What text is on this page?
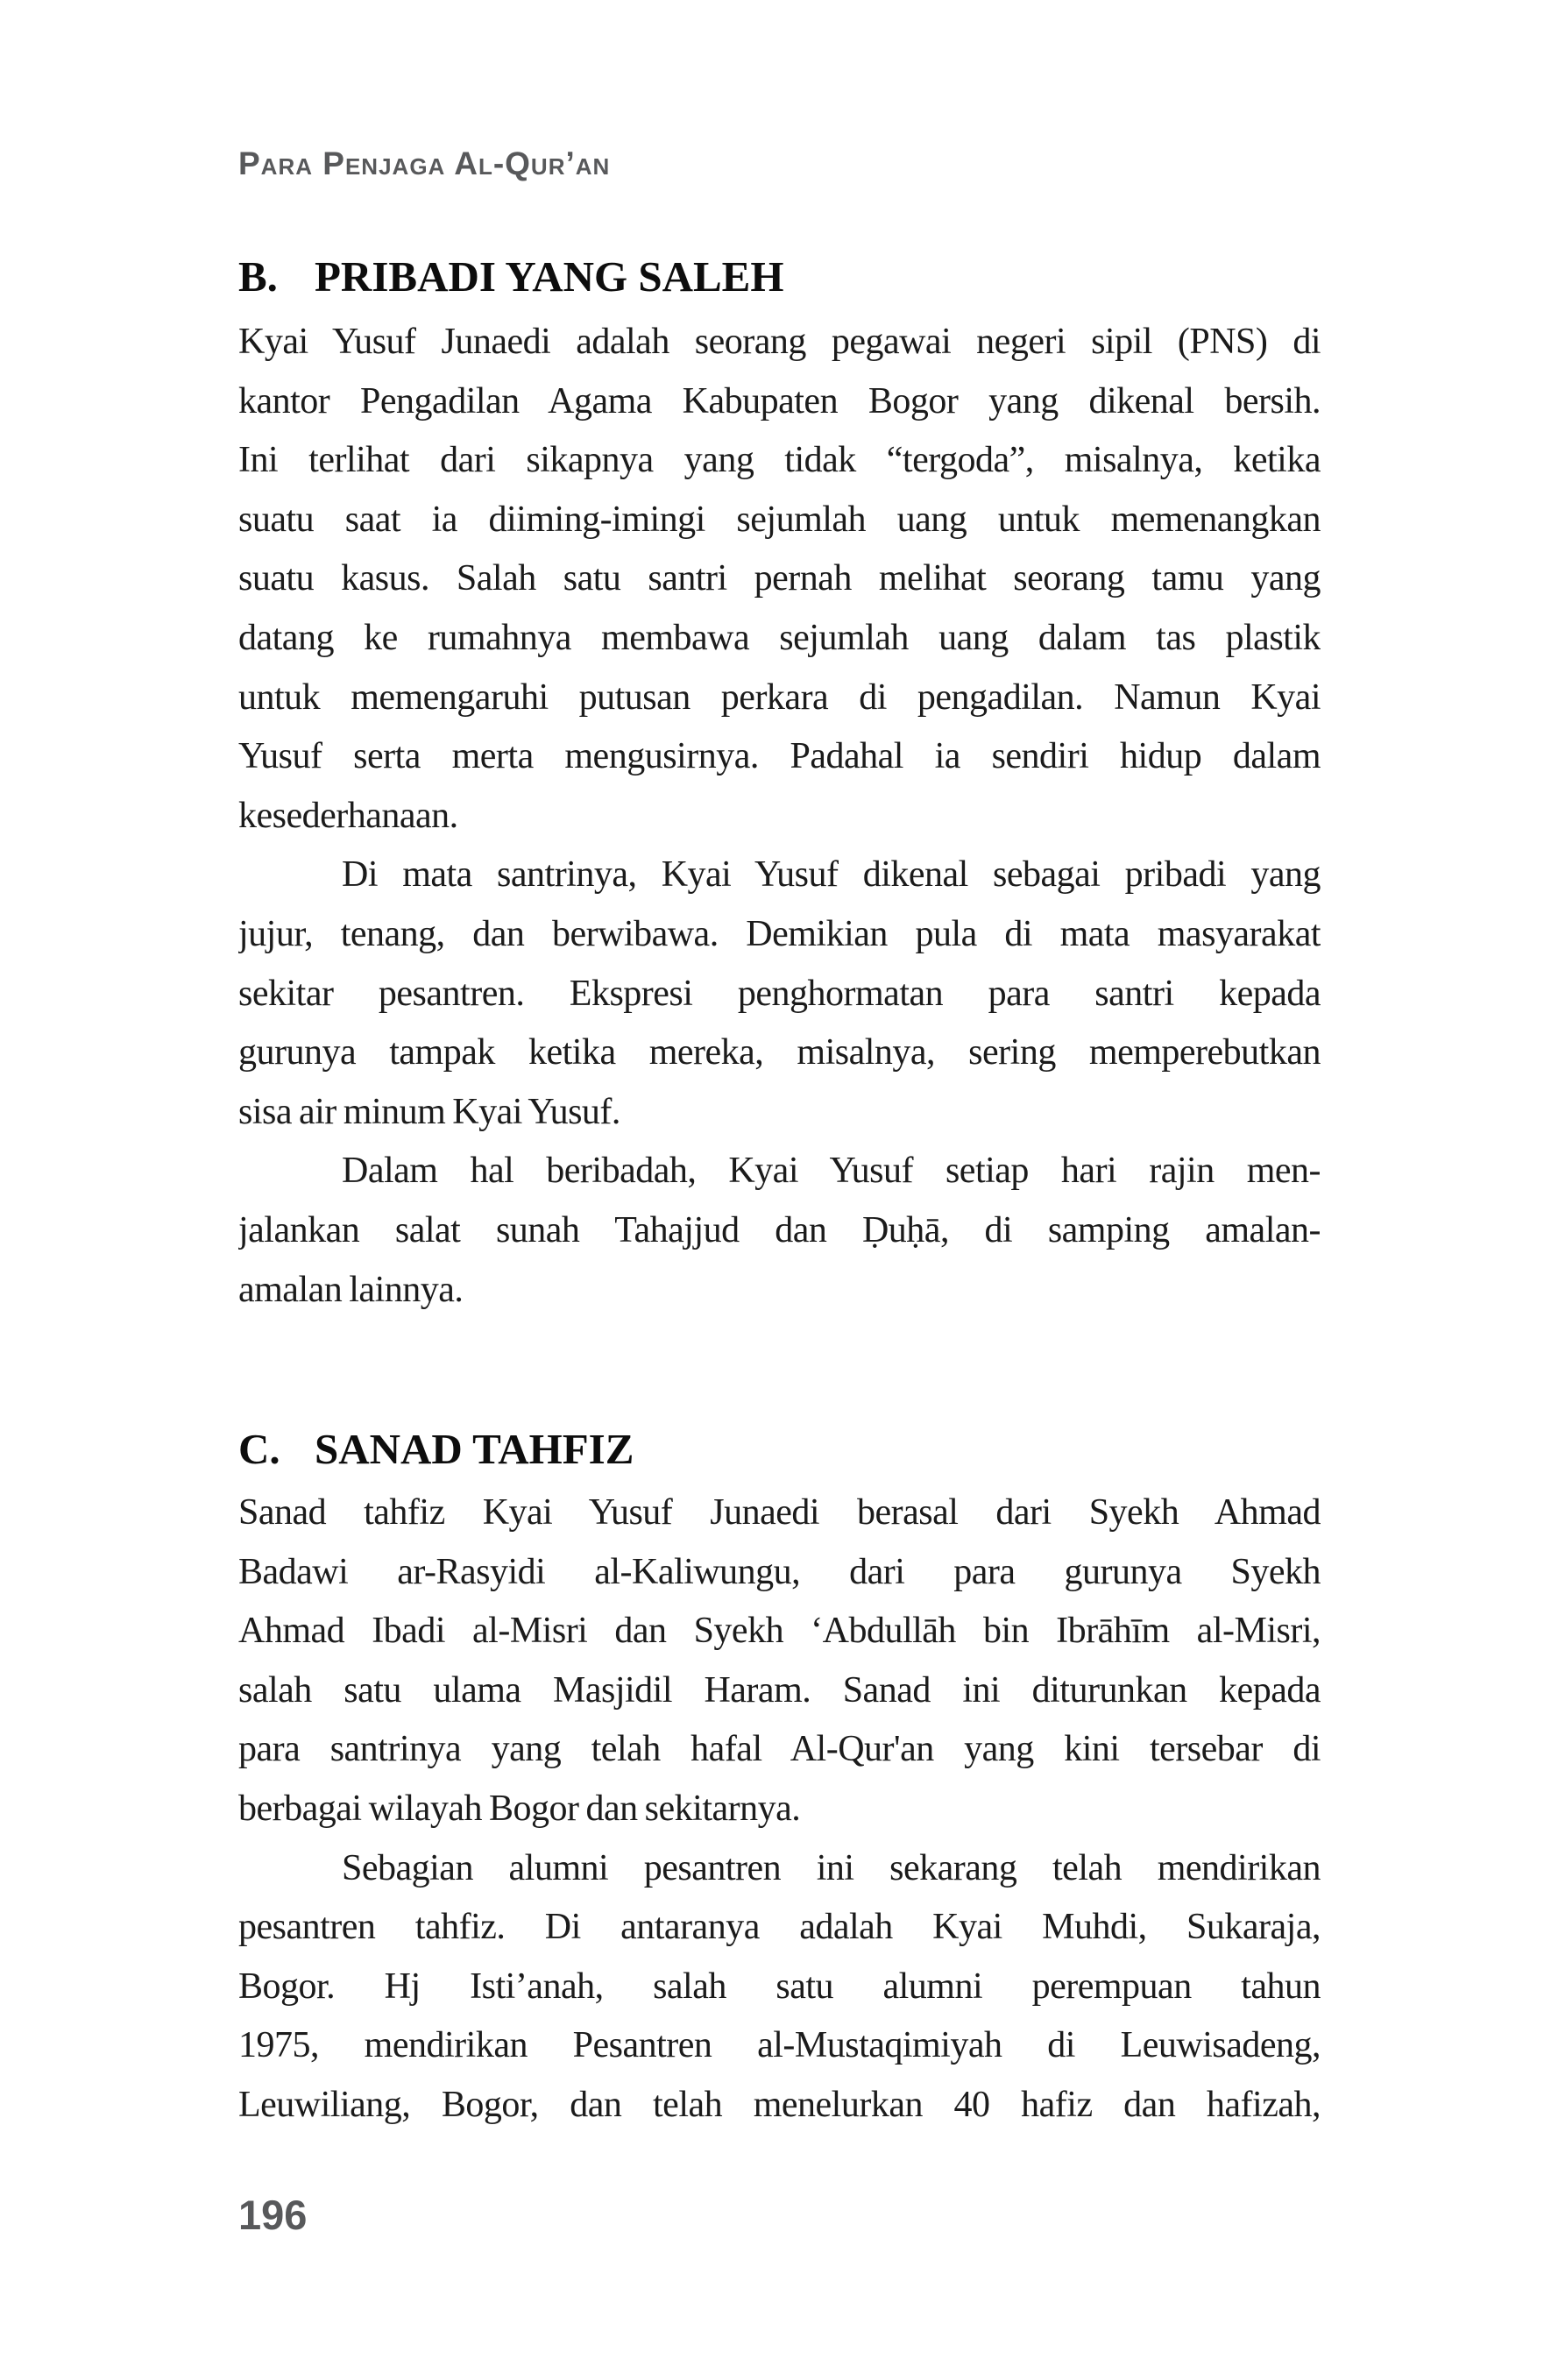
Para Penjaga Al-Qur’an
B. PRIBADI YANG SALEH
Kyai Yusuf Junaedi adalah seorang pegawai negeri sipil (PNS) di
kantor Pengadilan Agama Kabupaten Bogor yang dikenal bersih.
Ini terlihat dari sikapnya yang tidak “tergoda”, misalnya, ketika
suatu saat ia diiming-imingi sejumlah uang untuk memenangkan
suatu kasus. Salah satu santri pernah melihat seorang tamu yang
datang ke rumahnya membawa sejumlah uang dalam tas plastik
untuk memengaruhi putusan perkara di pengadilan. Namun Kyai
Yusuf serta merta mengusirnya. Padahal ia sendiri hidup dalam
kesederhanaan.
Di mata santrinya, Kyai Yusuf dikenal sebagai pribadi yang
jujur, tenang, dan berwibawa. Demikian pula di mata masyarakat
sekitar pesantren. Ekspresi penghormatan para santri kepada
gurunya tampak ketika mereka, misalnya, sering memperebutkan
sisa air minum Kyai Yusuf.
Dalam hal beribadah, Kyai Yusuf setiap hari rajin men-
jalankan salat sunah Tahajjud dan Ḍuḥā, di samping amalan-
amalan lainnya.
C. SANAD TAHFIZ
Sanad tahfiz Kyai Yusuf Junaedi berasal dari Syekh Ahmad
Badawi ar-Rasyidi al-Kaliwungu, dari para gurunya Syekh
Ahmad Ibadi al-Misri dan Syekh ‘Abdullāh bin Ibrāhīm al-Misri,
salah satu ulama Masjidil Haram. Sanad ini diturunkan kepada
para santrinya yang telah hafal Al-Qur'an yang kini tersebar di
berbagai wilayah Bogor dan sekitarnya.
Sebagian alumni pesantren ini sekarang telah mendirikan
pesantren tahfiz. Di antaranya adalah Kyai Muhdi, Sukaraja,
Bogor. Hj Isti’anah, salah satu alumni perempuan tahun
1975, mendirikan Pesantren al-Mustaqimiyah di Leuwisadeng,
Leuwiliang, Bogor, dan telah menelurkan 40 hafiz dan hafizah,
196
